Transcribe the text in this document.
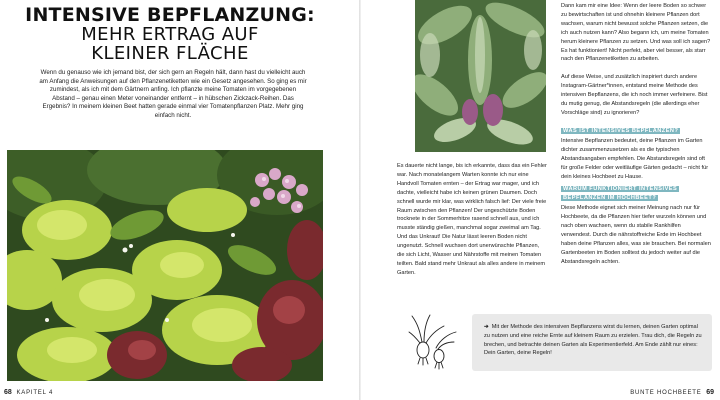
INTENSIVE BEPFLANZUNG:
MEHR ERTRAG AUF
KLEINER FLÄCHE

Wenn du genauso wie ich jemand bist, der sich gern an Regeln hält, dann hast du vielleicht auch am Anfang die Anweisungen auf den Pflanzenetiketten wie ein Gesetz angesehen. So ging es mir zumindest, als ich mit dem Gärtnern anfing. Ich pflanzte meine Tomaten im vorgegebenen Abstand – genau einen Meter voneinander entfernt – in hübschen Zickzack-Reihen. Das Ergebnis? In meinem kleinen Beet hatten gerade einmal vier Tomatenpflanzen Platz. Mehr ging einfach nicht.

68 KAPITEL 4

Es dauerte nicht lange, bis ich erkannte, dass das ein Fehler war. Nach monatelangem Warten konnte ich nur eine Handvoll Tomaten ernten – der Ertrag war mager, und ich dachte, vielleicht habe ich keinen grünen Daumen. Doch schnell wurde mir klar, was wirklich falsch lief: Der viele freie Raum zwischen den Pflanzen! Der ungeschützte Boden trocknete in der Sommerhitze rasend schnell aus, und ich musste ständig gießen, manchmal sogar zweimal am Tag.

Und das Unkraut! Die Natur lässt leeren Boden nicht ungenutzt. Schnell wuchsen dort unerwünschte Pflanzen, die sich Licht, Wasser und Nährstoffe mit meinen Tomaten teilten. Bald stand mehr Unkraut als alles andere in meinem Garten.

Dann kam mir eine Idee: Wenn der leere Boden so schwer zu bewirtschaften ist und ohnehin kleinere Pflanzen dort wachsen, warum nicht bewusst solche Pflanzen setzen, die ich auch nutzen kann? Also begann ich, um meine Tomaten herum kleinere Pflanzen zu setzen. Und was soll ich sagen? Es hat funktioniert! Nicht perfekt, aber viel besser, als starr nach den Pflanzenetiketten zu arbeiten.

Auf diese Weise, und zusätzlich inspiriert durch andere Instagram-Gärtner*innen, entstand meine Methode des intensiven Bepflanzens, die ich noch immer verfeinere. Bist du mutig genug, die Abstandsregeln (die allerdings eher Vorschläge sind) zu ignorieren?

WAS IST INTENSIVES BEPFLANZEN?

Intensive Bepflanzen bedeutet, deine Pflanzen im Garten dichter zusammenzusetzen als es die typischen Abstandsangaben empfehlen. Die Abstandsregeln sind oft für große Felder oder weitläufige Gärten gedacht – nicht für dein kleines Hochbeet zu Hause.

WARUM FUNKTIONIERT INTENSIVES
BEPFLANZEN IM HOCHBEET?

Diese Methode eignet sich meiner Meinung nach nur für Hochbeete, da die Pflanzen hier tiefer wurzeln können und nach oben wachsen, wenn du stabile Rankhilfen verwendest. Durch die nährstoffreiche Erde im Hochbeet haben deine Pflanzen alles, was sie brauchen. Bei normalen Gartenbeeten im Boden solltest du jedoch weiter auf die Abstandsregeln achten.

➔ Mit der Methode des intensiven Bepflanzens wirst du lernen, deinen Garten optimal zu nutzen und eine reiche Ernte auf kleinem Raum zu erzielen. Trau dich, die Regeln zu brechen, und betrachte deinen Garten als Experimentierfeld. Am Ende zählt nur eines: Dein Garten, deine Regeln!
BUNTE HOCHBEETE 69
